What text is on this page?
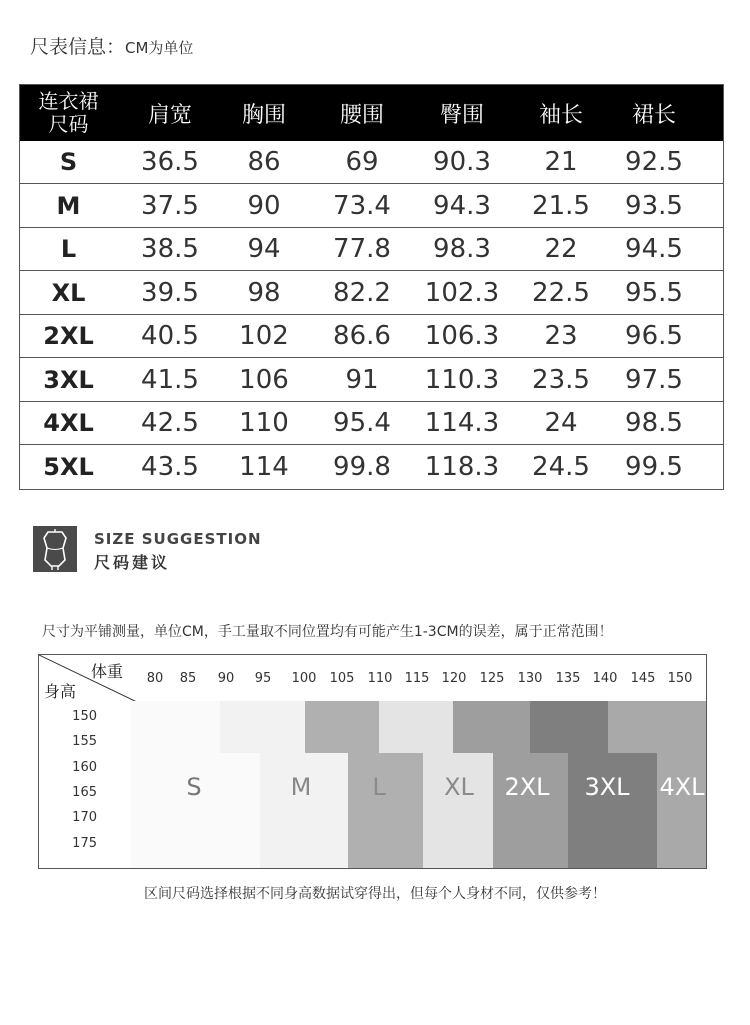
尺表信息：CM为单位
连衣裙
尺码	肩宽	胸围	腰围	臀围	袖长	裙长
S	36.5	86	69	90.3	21	92.5
M	37.5	90	73.4	94.3	21.5	93.5
L	38.5	94	77.8	98.3	22	94.5
XL	39.5	98	82.2	102.3	22.5	95.5
2XL	40.5	102	86.6	106.3	23	96.5
3XL	41.5	106	91	110.3	23.5	97.5
4XL	42.5	110	95.4	114.3	24	98.5
5XL	43.5	114	99.8	118.3	24.5	99.5
SIZE SUGGESTION
尺码建议
尺寸为平铺测量，单位CM，手工量取不同位置均有可能产生1-3CM的误差，属于正常范围！
体重
身高
80 85 90 95 100 105 110 115 120 125 130 135 140 145 150
150
155
160
165
170
175
S	M	L XL 2XL 3XL 4XL
区间尺码选择根据不同身高数据试穿得出，但每个人身材不同，仅供参考！
